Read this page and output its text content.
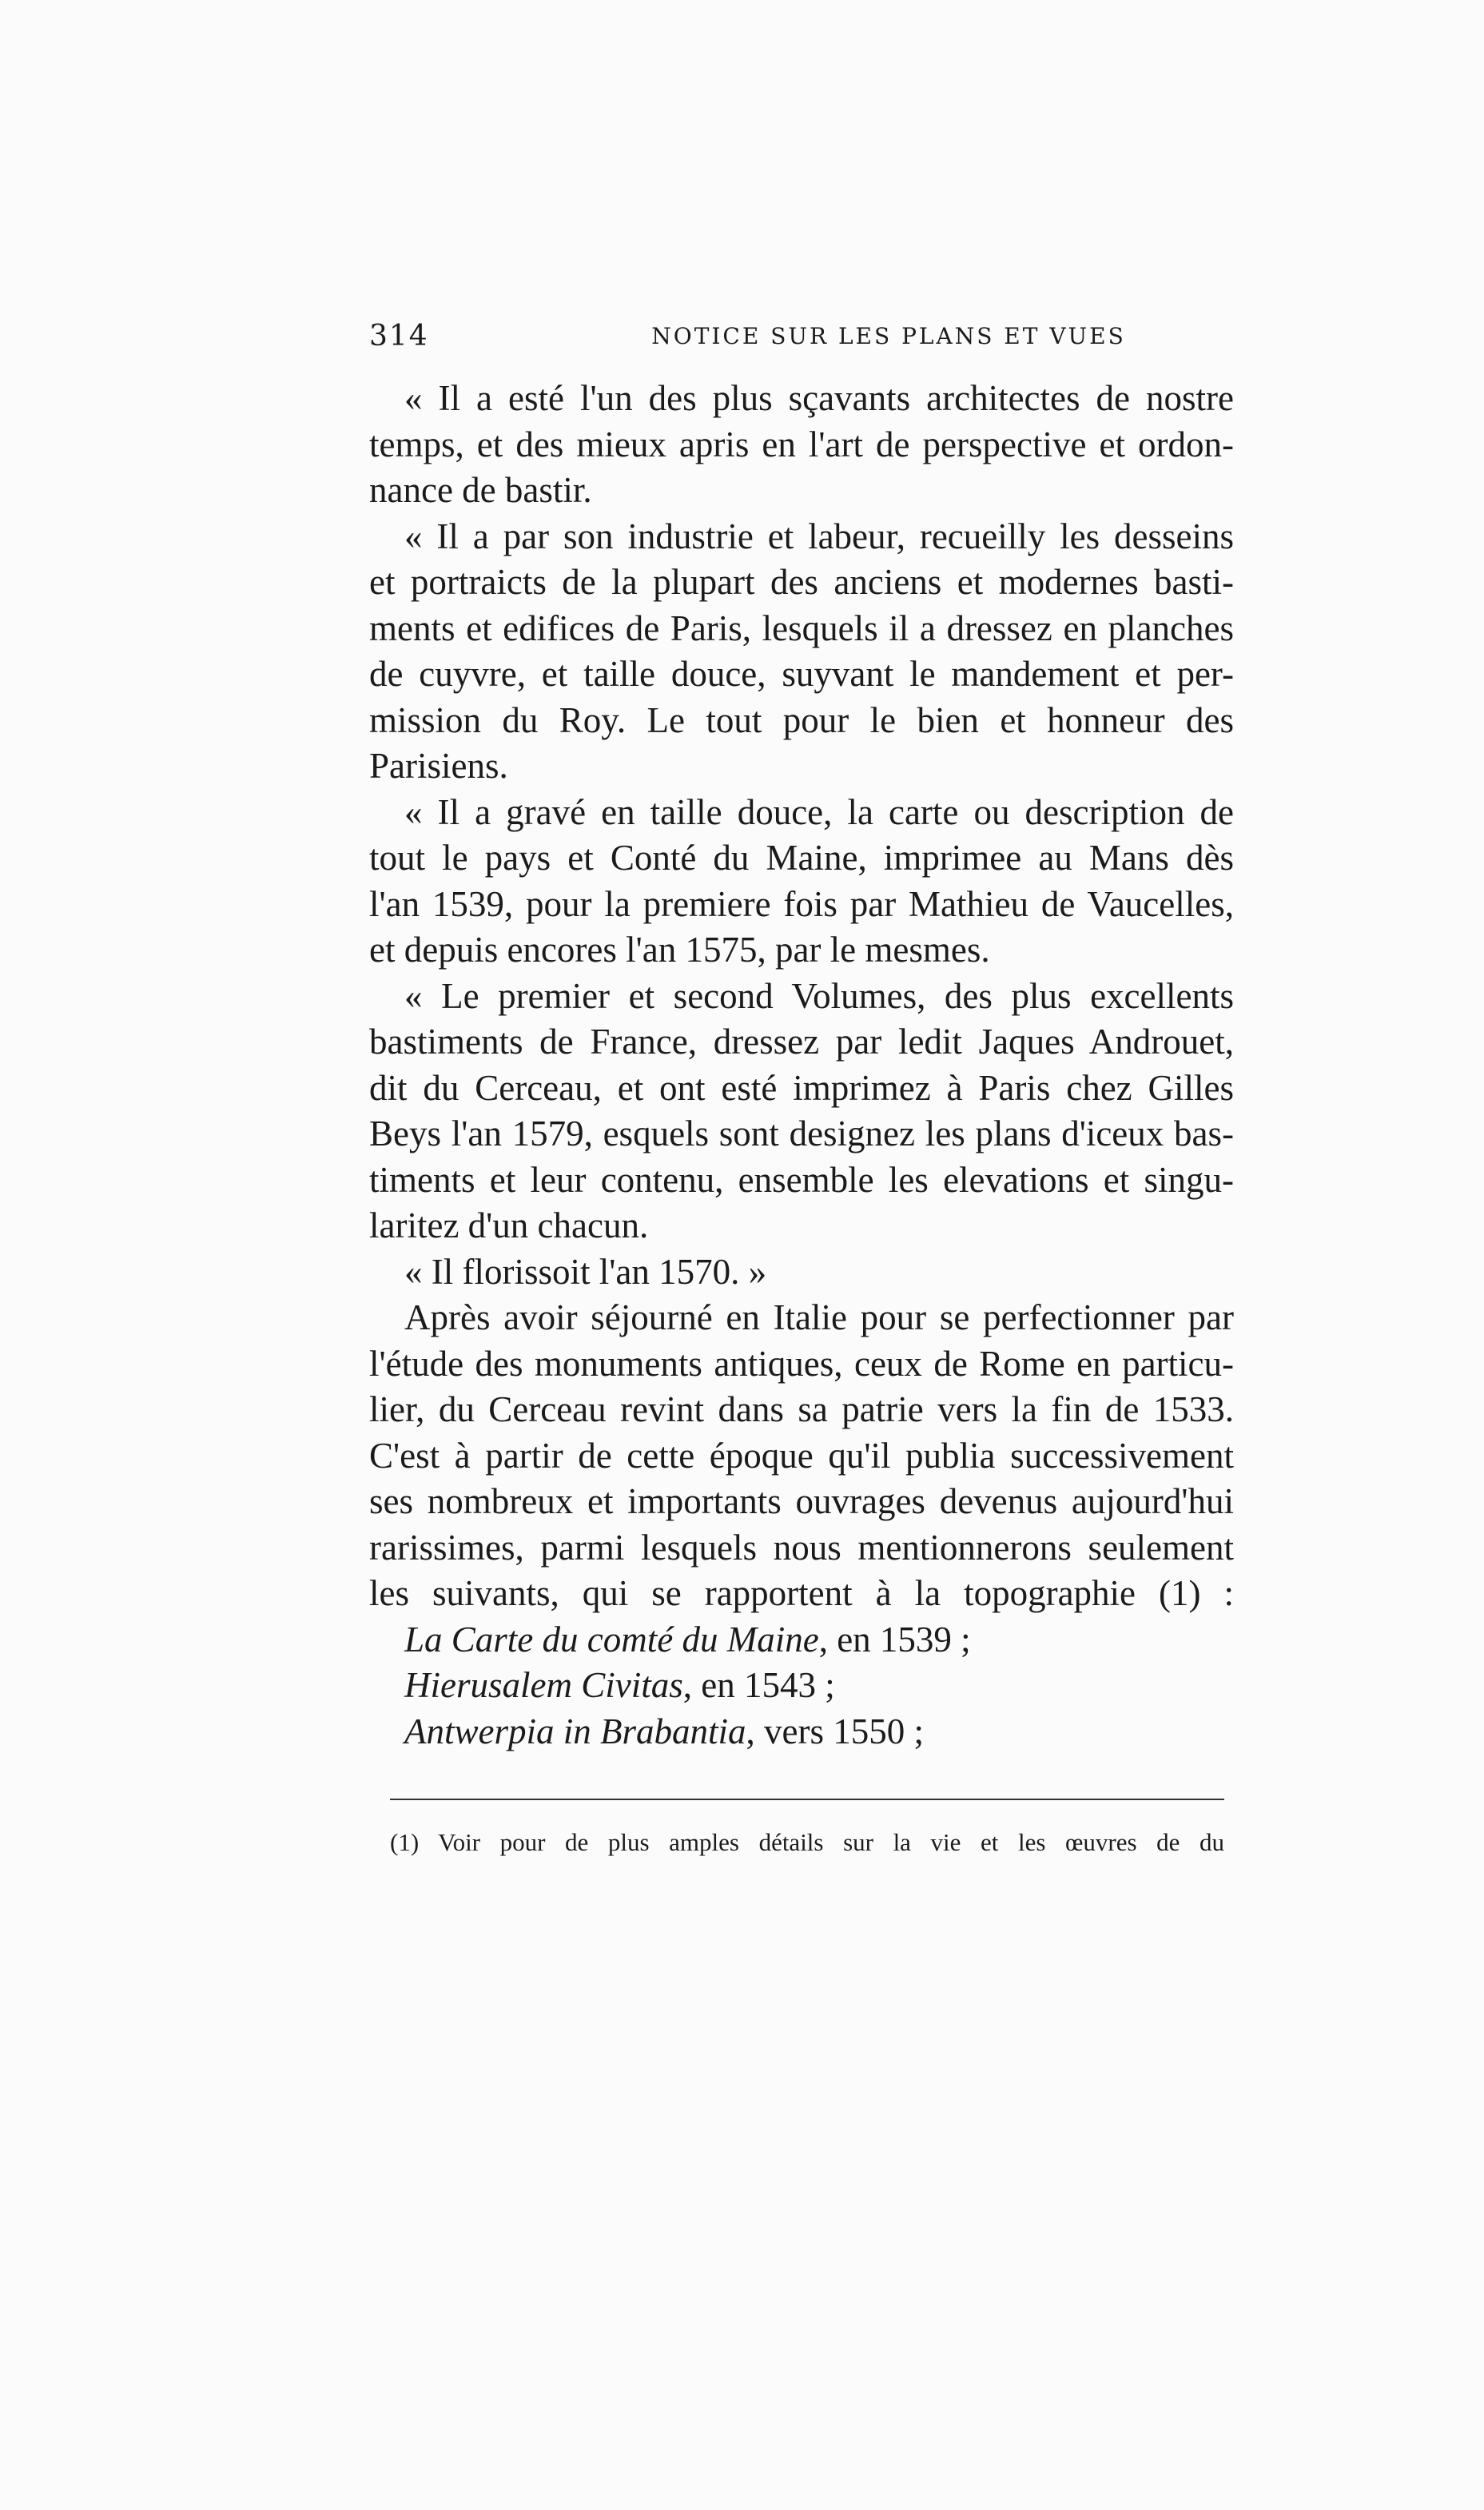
314	NOTICE SUR LES PLANS ET VUES
« Il a esté l'un des plus sçavants architectes de nostre
temps, et des mieux apris en l'art de perspective et ordon-
nance de bastir.
« Il a par son industrie et labeur, recueilly les desseins
et portraicts de la plupart des anciens et modernes basti-
ments et edifices de Paris, lesquels il a dressez en planches
de cuyvre, et taille douce, suyvant le mandement et per-
mission du Roy. Le tout pour le bien et honneur des
Parisiens.
« Il a gravé en taille douce, la carte ou description de
tout le pays et Conté du Maine, imprimee au Mans dès
l'an 1539, pour la premiere fois par Mathieu de Vaucelles,
et depuis encores l'an 1575, par le mesmes.
« Le premier et second Volumes, des plus excellents
bastiments de France, dressez par ledit Jaques Androuet,
dit du Cerceau, et ont esté imprimez à Paris chez Gilles
Beys l'an 1579, esquels sont designez les plans d'iceux bas-
timents et leur contenu, ensemble les elevations et singu-
laritez d'un chacun.
« Il florissoit l'an 1570. »
Après avoir séjourné en Italie pour se perfectionner par
l'étude des monuments antiques, ceux de Rome en particu-
lier, du Cerceau revint dans sa patrie vers la fin de 1533.
C'est à partir de cette époque qu'il publia successivement
ses nombreux et importants ouvrages devenus aujourd'hui
rarissimes, parmi lesquels nous mentionnerons seulement
les suivants, qui se rapportent à la topographie (1) :
La Carte du comté du Maine, en 1539 ;
Hierusalem Civitas, en 1543 ;
Antwerpia in Brabantia, vers 1550 ;
(1) Voir pour de plus amples détails sur la vie et les œuvres de du
